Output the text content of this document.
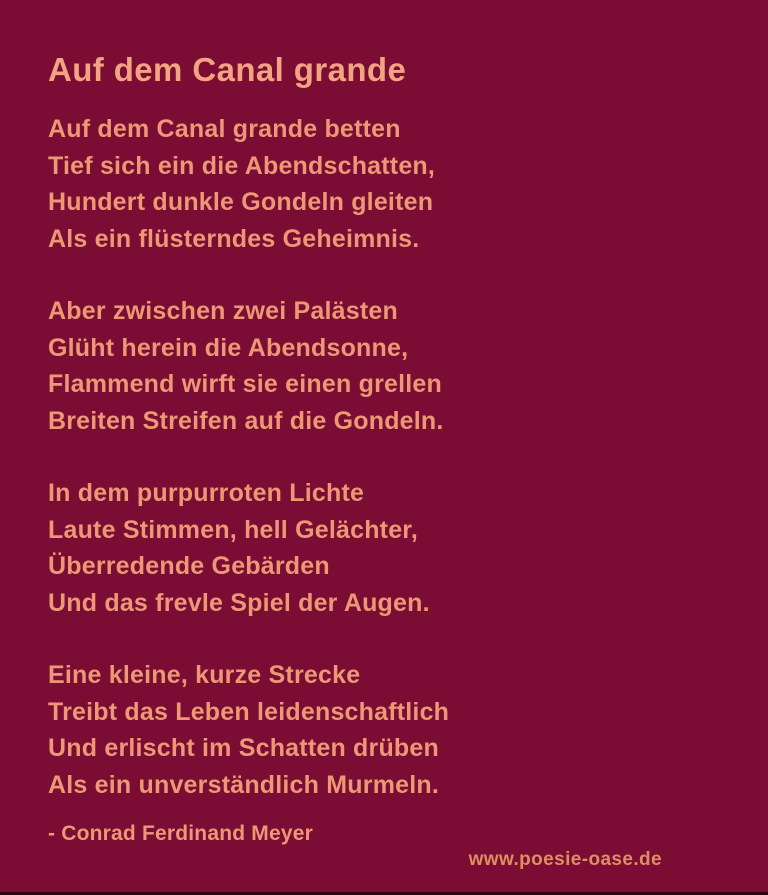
Auf dem Canal grande

Auf dem Canal grande betten

Tief sich ein die Abendschatten,

Hundert dunkle Gondeln gleiten

Als ein flüsterndes Geheimnis.

Aber zwischen zwei Palästen

Glüht herein die Abendsonne,

Flammend wirft sie einen grellen

Breiten Streifen auf die Gondeln.

In dem purpurroten Lichte

Laute Stimmen, hell Gelächter,

Überredende Gebärden

Und das frevle Spiel der Augen.

Eine kleine, kurze Strecke

Treibt das Leben leidenschaftlich

Und erlischt im Schatten drüben

Als ein unverständlich Murmeln.

- Conrad Ferdinand Meyer

www.poesie-oase.de
